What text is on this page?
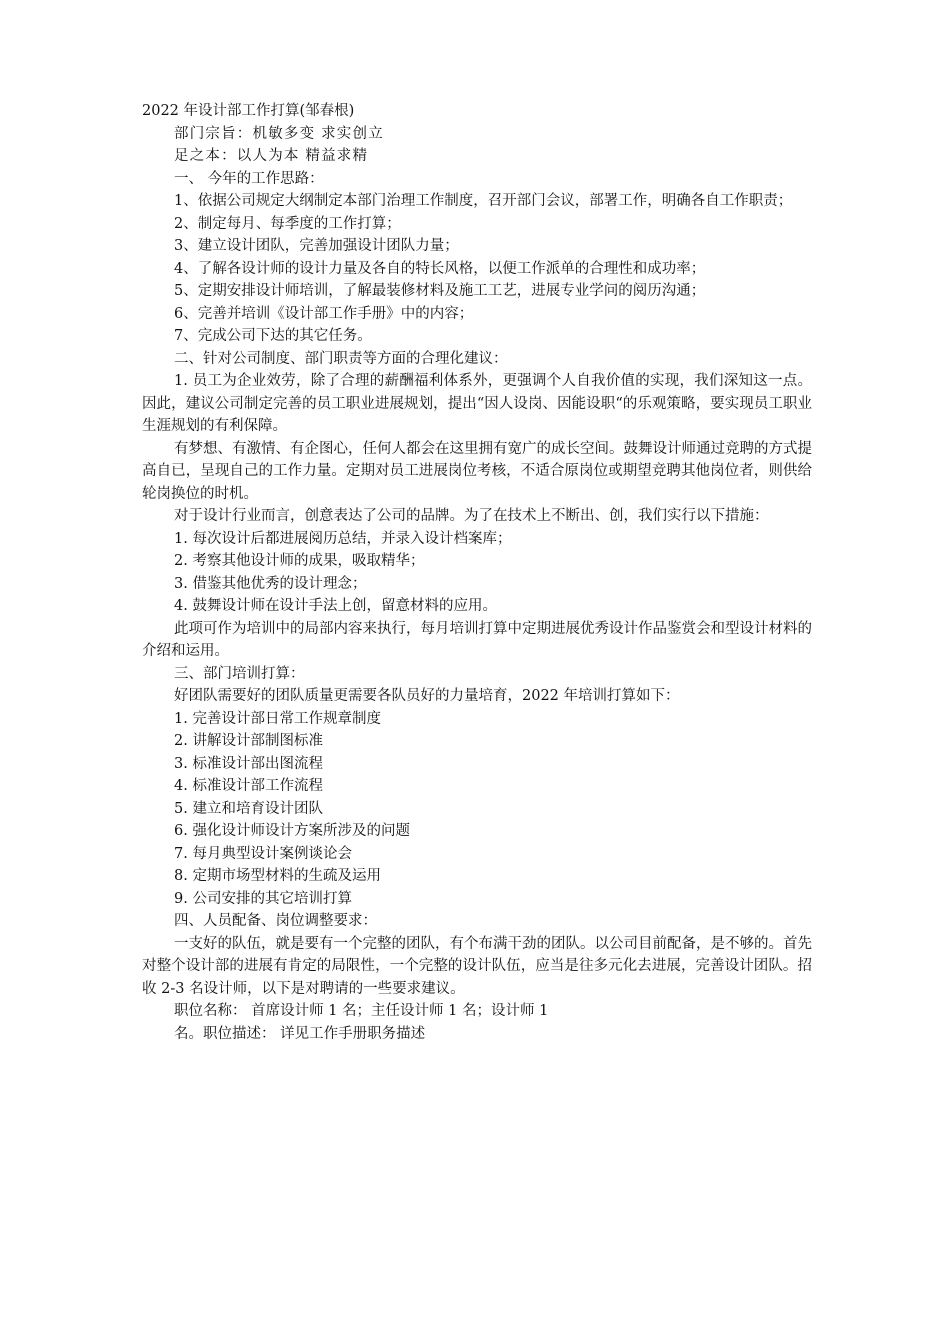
2022 年设计部工作打算(邹春根)

部门宗旨：机敏多变 求实创立

足之本：以人为本 精益求精

一、 今年的工作思路：

1、依据公司规定大纲制定本部门治理工作制度，召开部门会议，部署工作，明确各自工作职责；

2、制定每月、每季度的工作打算；

3、建立设计团队，完善加强设计团队力量；

4、了解各设计师的设计力量及各自的特长风格，以便工作派单的合理性和成功率；

5、定期安排设计师培训，了解最装修材料及施工工艺，进展专业学问的阅历沟通；

6、完善并培训《设计部工作手册》中的内容；

7、完成公司下达的其它任务。

二、针对公司制度、部门职责等方面的合理化建议：

1. 员工为企业效劳，除了合理的薪酬福利体系外，更强调个人自我价值的实现，我们深知这一点。因此，建议公司制定完善的员工职业进展规划，提出“因人设岗、因能设职“的乐观策略，要实现员工职业生涯规划的有利保障。

有梦想、有激情、有企图心，任何人都会在这里拥有宽广的成长空间。鼓舞设计师通过竞聘的方式提高自已，呈现自己的工作力量。定期对员工进展岗位考核，不适合原岗位或期望竞聘其他岗位者，则供给轮岗换位的时机。

对于设计行业而言，创意表达了公司的品牌。为了在技术上不断出、创，我们实行以下措施：

1. 每次设计后都进展阅历总结，并录入设计档案库；

2. 考察其他设计师的成果，吸取精华；

3. 借鉴其他优秀的设计理念；

4. 鼓舞设计师在设计手法上创，留意材料的应用。

此项可作为培训中的局部内容来执行，每月培训打算中定期进展优秀设计作品鉴赏会和型设计材料的介绍和运用。

三、部门培训打算：

好团队需要好的团队质量更需要各队员好的力量培育，2022 年培训打算如下：

1. 完善设计部日常工作规章制度

2. 讲解设计部制图标准

3. 标准设计部出图流程

4. 标准设计部工作流程

5. 建立和培育设计团队

6. 强化设计师设计方案所涉及的问题

7. 每月典型设计案例谈论会

8. 定期市场型材料的生疏及运用

9. 公司安排的其它培训打算

四、人员配备、岗位调整要求：

一支好的队伍，就是要有一个完整的团队，有个布满干劲的团队。以公司目前配备，是不够的。首先对整个设计部的进展有肯定的局限性，一个完整的设计队伍，应当是往多元化去进展，完善设计团队。招收 2-3 名设计师，以下是对聘请的一些要求建议。

职位名称： 首席设计师 1 名；主任设计师 1 名；设计师 1

名。职位描述： 详见工作手册职务描述
